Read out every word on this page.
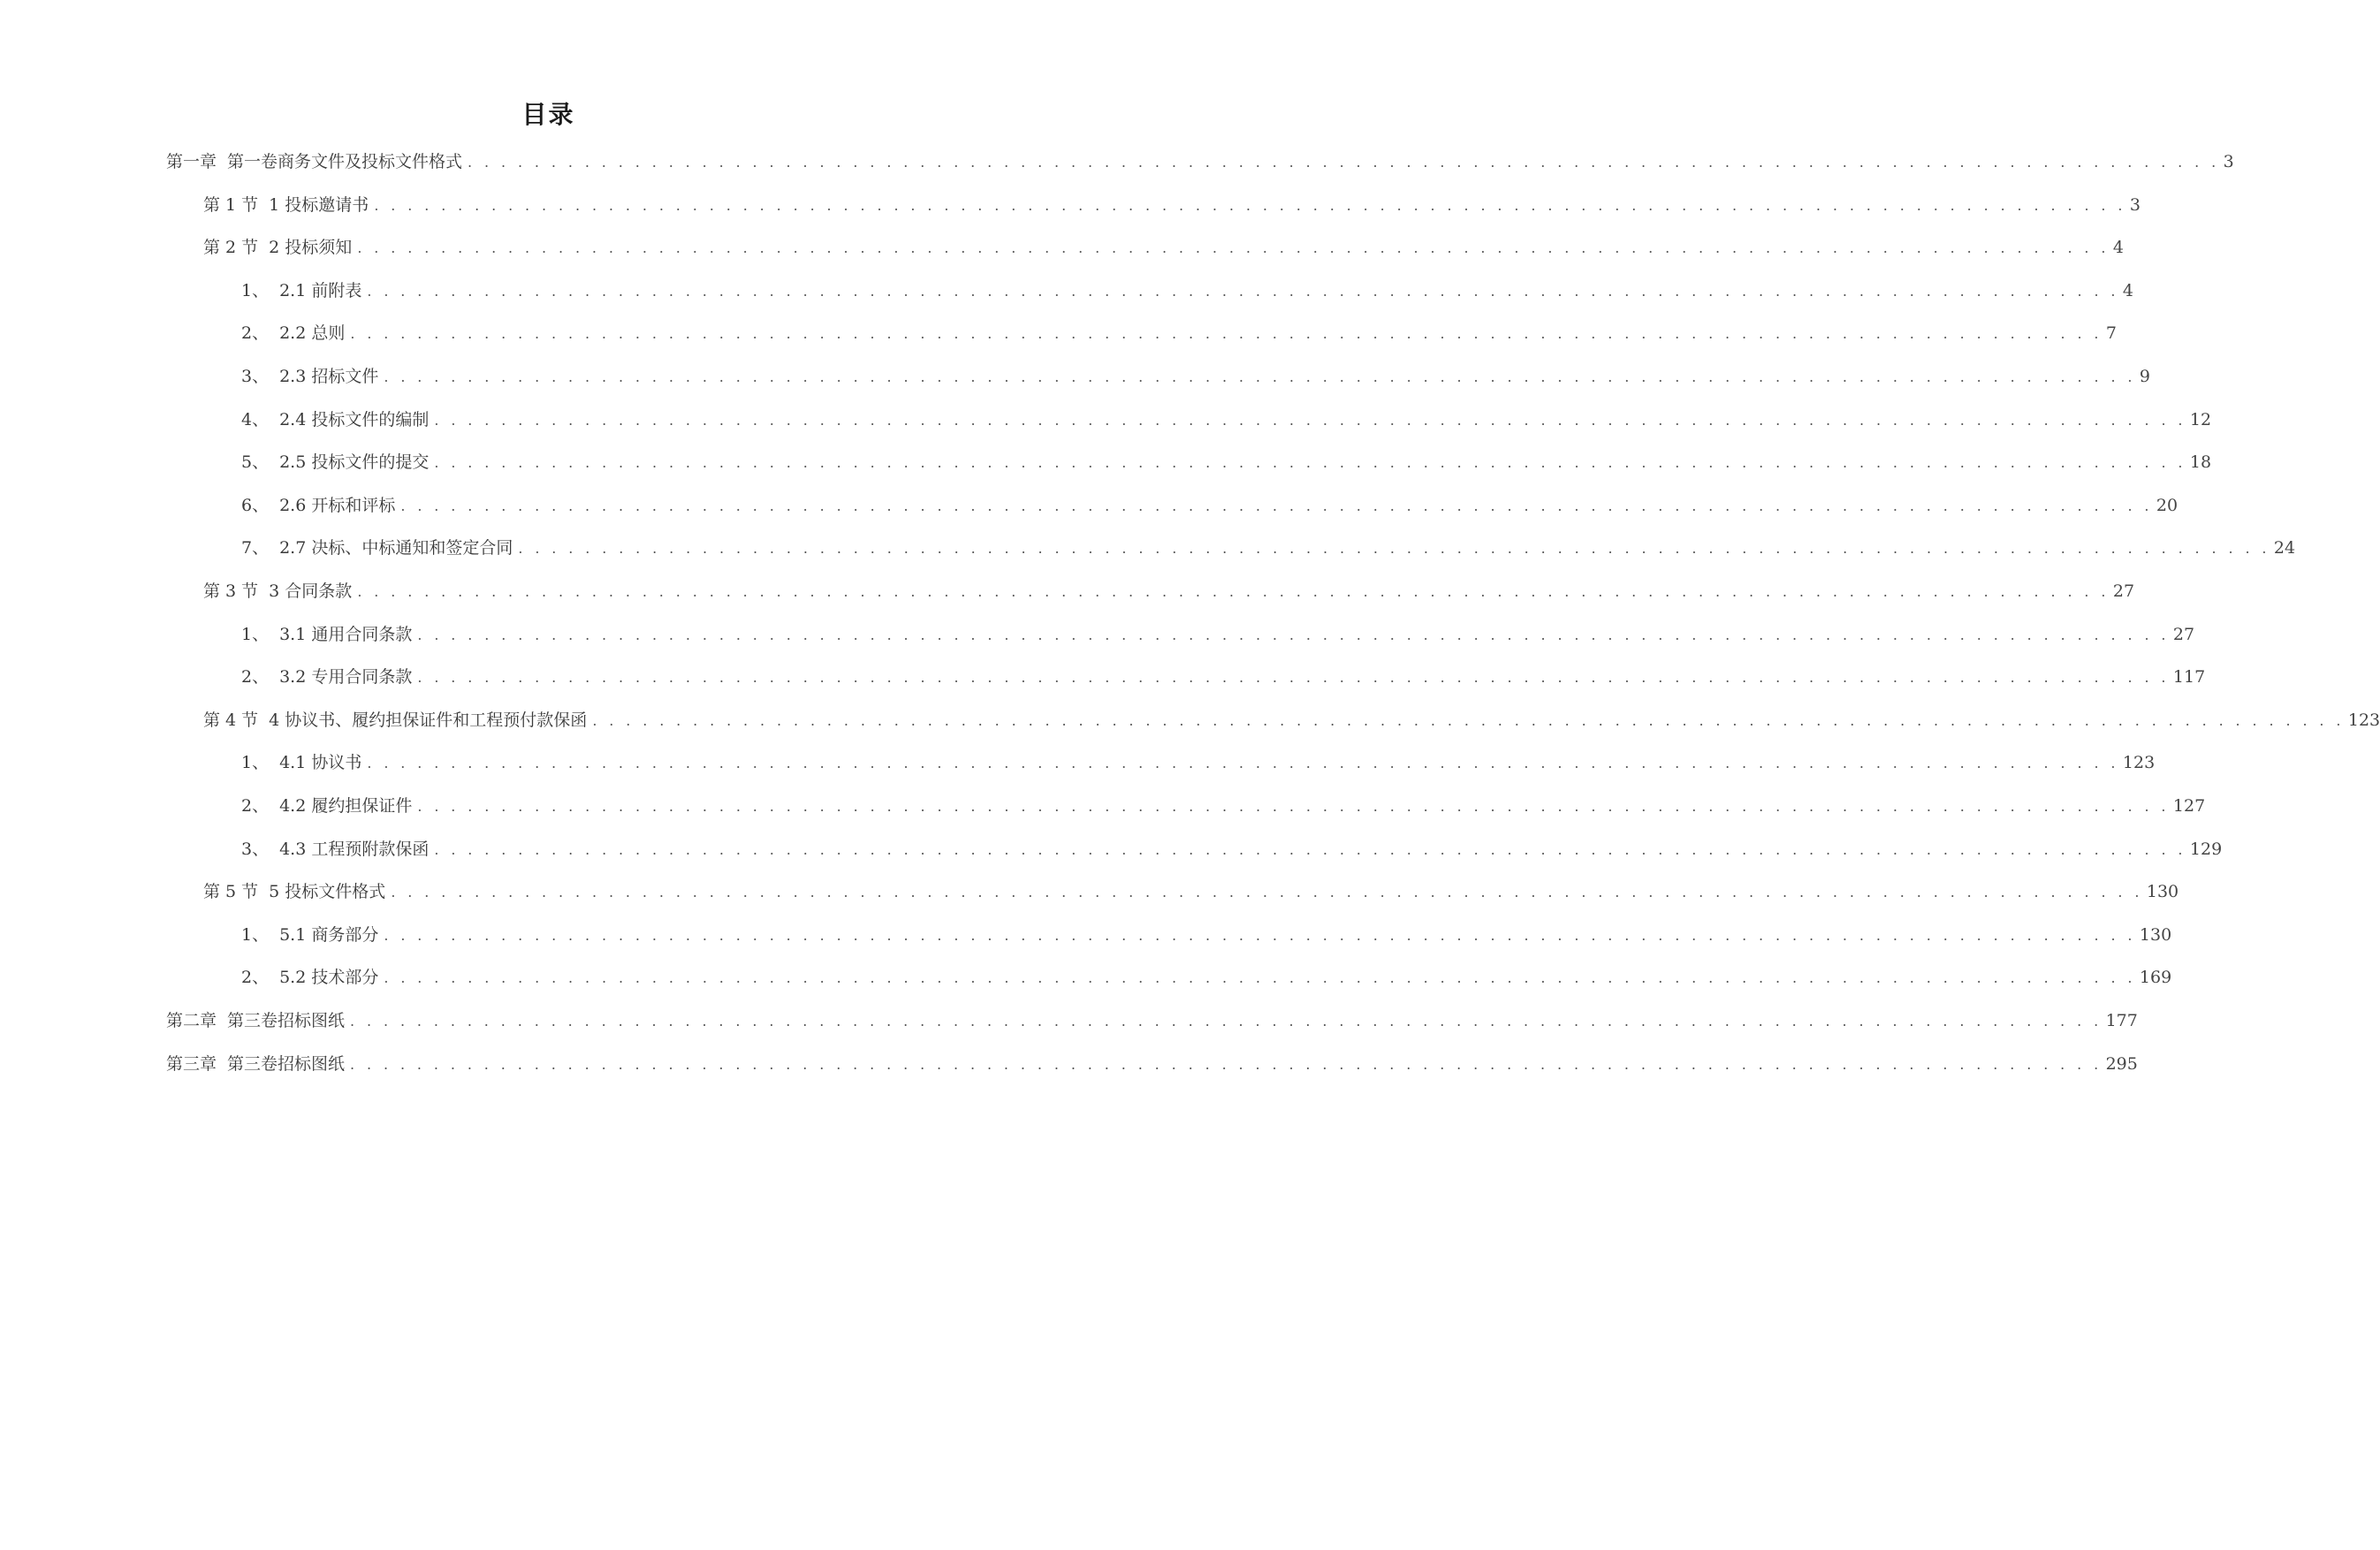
目录
第一章 第一卷商务文件及投标文件格式 . . . . . . . . . . . . . . . . . . . . . . . . . . . . . . . . . . . . . . . . . . . . . . . . . . . . . . . . . . . . . . . . . . . . . . . . . . . . . . . . . . . . . . . . . . . . . . . . . . . . . . . . . 3
第 1 节 1 投标邀请书 . . . . . . . . . . . . . . . . . . . . . . . . . . . . . . . . . . . . . . . . . . . . . . . . . . . . . . . . . . . . . . . . . . . . . . . . . . . . . . . . . . . . . . . . . . . . . . . . . . . . . . . . . 3
第 2 节 2 投标须知 . . . . . . . . . . . . . . . . . . . . . . . . . . . . . . . . . . . . . . . . . . . . . . . . . . . . . . . . . . . . . . . . . . . . . . . . . . . . . . . . . . . . . . . . . . . . . . . . . . . . . . . . . 4
1、 2.1 前附表 . . . . . . . . . . . . . . . . . . . . . . . . . . . . . . . . . . . . . . . . . . . . . . . . . . . . . . . . . . . . . . . . . . . . . . . . . . . . . . . . . . . . . . . . . . . . . . . . . . . . . . . . . 4
2、 2.2 总则 . . . . . . . . . . . . . . . . . . . . . . . . . . . . . . . . . . . . . . . . . . . . . . . . . . . . . . . . . . . . . . . . . . . . . . . . . . . . . . . . . . . . . . . . . . . . . . . . . . . . . . . . . 7
3、 2.3 招标文件 . . . . . . . . . . . . . . . . . . . . . . . . . . . . . . . . . . . . . . . . . . . . . . . . . . . . . . . . . . . . . . . . . . . . . . . . . . . . . . . . . . . . . . . . . . . . . . . . . . . . . . . . . 9
4、 2.4 投标文件的编制 . . . . . . . . . . . . . . . . . . . . . . . . . . . . . . . . . . . . . . . . . . . . . . . . . . . . . . . . . . . . . . . . . . . . . . . . . . . . . . . . . . . . . . . . . . . . . . . . . . . . . . . . . 12
5、 2.5 投标文件的提交 . . . . . . . . . . . . . . . . . . . . . . . . . . . . . . . . . . . . . . . . . . . . . . . . . . . . . . . . . . . . . . . . . . . . . . . . . . . . . . . . . . . . . . . . . . . . . . . . . . . . . . . . . 18
6、 2.6 开标和评标 . . . . . . . . . . . . . . . . . . . . . . . . . . . . . . . . . . . . . . . . . . . . . . . . . . . . . . . . . . . . . . . . . . . . . . . . . . . . . . . . . . . . . . . . . . . . . . . . . . . . . . . . . 20
7、 2.7 决标、中标通知和签定合同 . . . . . . . . . . . . . . . . . . . . . . . . . . . . . . . . . . . . . . . . . . . . . . . . . . . . . . . . . . . . . . . . . . . . . . . . . . . . . . . . . . . . . . . . . . . . . . . . . . . . . . . . . 24
第 3 节 3 合同条款 . . . . . . . . . . . . . . . . . . . . . . . . . . . . . . . . . . . . . . . . . . . . . . . . . . . . . . . . . . . . . . . . . . . . . . . . . . . . . . . . . . . . . . . . . . . . . . . . . . . . . . . . . 27
1、 3.1 通用合同条款 . . . . . . . . . . . . . . . . . . . . . . . . . . . . . . . . . . . . . . . . . . . . . . . . . . . . . . . . . . . . . . . . . . . . . . . . . . . . . . . . . . . . . . . . . . . . . . . . . . . . . . . . . 27
2、 3.2 专用合同条款 . . . . . . . . . . . . . . . . . . . . . . . . . . . . . . . . . . . . . . . . . . . . . . . . . . . . . . . . . . . . . . . . . . . . . . . . . . . . . . . . . . . . . . . . . . . . . . . . . . . . . . . . . 117
第 4 节 4 协议书、履约担保证件和工程预付款保函 . . . . . . . . . . . . . . . . . . . . . . . . . . . . . . . . . . . . . . . . . . . . . . . . . . . . . . . . . . . . . . . . . . . . . . . . . . . . . . . . . . . . . . . . . . . . . . . . . . . . . . . . . 123
1、 4.1 协议书 . . . . . . . . . . . . . . . . . . . . . . . . . . . . . . . . . . . . . . . . . . . . . . . . . . . . . . . . . . . . . . . . . . . . . . . . . . . . . . . . . . . . . . . . . . . . . . . . . . . . . . . . . 123
2、 4.2 履约担保证件 . . . . . . . . . . . . . . . . . . . . . . . . . . . . . . . . . . . . . . . . . . . . . . . . . . . . . . . . . . . . . . . . . . . . . . . . . . . . . . . . . . . . . . . . . . . . . . . . . . . . . . . . . 127
3、 4.3 工程预附款保函 . . . . . . . . . . . . . . . . . . . . . . . . . . . . . . . . . . . . . . . . . . . . . . . . . . . . . . . . . . . . . . . . . . . . . . . . . . . . . . . . . . . . . . . . . . . . . . . . . . . . . . . . . 129
第 5 节 5 投标文件格式 . . . . . . . . . . . . . . . . . . . . . . . . . . . . . . . . . . . . . . . . . . . . . . . . . . . . . . . . . . . . . . . . . . . . . . . . . . . . . . . . . . . . . . . . . . . . . . . . . . . . . . . . . 130
1、 5.1 商务部分 . . . . . . . . . . . . . . . . . . . . . . . . . . . . . . . . . . . . . . . . . . . . . . . . . . . . . . . . . . . . . . . . . . . . . . . . . . . . . . . . . . . . . . . . . . . . . . . . . . . . . . . . . 130
2、 5.2 技术部分 . . . . . . . . . . . . . . . . . . . . . . . . . . . . . . . . . . . . . . . . . . . . . . . . . . . . . . . . . . . . . . . . . . . . . . . . . . . . . . . . . . . . . . . . . . . . . . . . . . . . . . . . . 169
第二章 第三卷招标图纸 . . . . . . . . . . . . . . . . . . . . . . . . . . . . . . . . . . . . . . . . . . . . . . . . . . . . . . . . . . . . . . . . . . . . . . . . . . . . . . . . . . . . . . . . . . . . . . . . . . . . . . . . . 177
第三章 第三卷招标图纸 . . . . . . . . . . . . . . . . . . . . . . . . . . . . . . . . . . . . . . . . . . . . . . . . . . . . . . . . . . . . . . . . . . . . . . . . . . . . . . . . . . . . . . . . . . . . . . . . . . . . . . . . . 295
